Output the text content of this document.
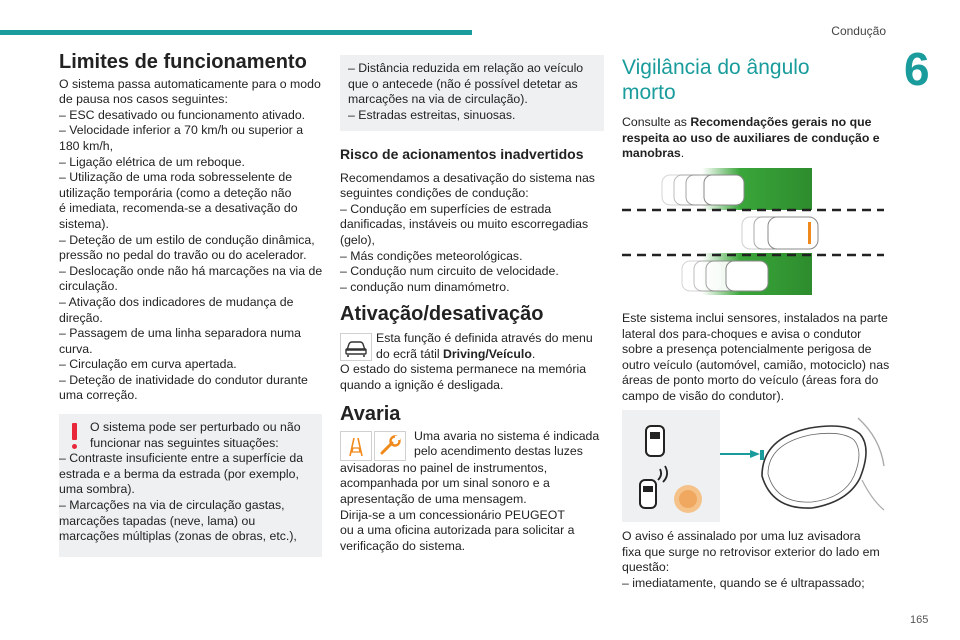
Condução
6
Limites de funcionamento
O sistema passa automaticamente para o modo
de pausa nos casos seguintes:
– ESC desativado ou funcionamento ativado.
– Velocidade inferior a 70 km/h ou superior a
180 km/h,
– Ligação elétrica de um reboque.
– Utilização de uma roda sobresselente de
utilização temporária (como a deteção não
é imediata, recomenda-se a desativação do
sistema).
– Deteção de um estilo de condução dinâmica,
pressão no pedal do travão ou do acelerador.
– Deslocação onde não há marcações na via de
circulação.
– Ativação dos indicadores de mudança de
direção.
– Passagem de uma linha separadora numa
curva.
– Circulação em curva apertada.
– Deteção de inatividade do condutor durante
uma correção.
O sistema pode ser perturbado ou não
funcionar nas seguintes situações:
– Contraste insuficiente entre a superfície da
estrada e a berma da estrada (por exemplo,
uma sombra).
– Marcações na via de circulação gastas,
marcações tapadas (neve, lama) ou
marcações múltiplas (zonas de obras, etc.),
– Distância reduzida em relação ao veículo
que o antecede (não é possível detetar as
marcações na via de circulação).
– Estradas estreitas, sinuosas.
Risco de acionamentos inadvertidos
Recomendamos a desativação do sistema nas
seguintes condições de condução:
– Condução em superfícies de estrada
danificadas, instáveis ou muito escorregadias
(gelo),
– Más condições meteorológicas.
– Condução num circuito de velocidade.
– condução num dinamómetro.
Ativação/desativação
Esta função é definida através do menu
do ecrã tátil Driving/Veículo.
O estado do sistema permanece na memória
quando a ignição é desligada.
Avaria
Uma avaria no sistema é indicada
pelo acendimento destas luzes
avisadoras no painel de instrumentos,
acompanhada por um sinal sonoro e a
apresentação de uma mensagem.
Dirija-se a um concessionário PEUGEOT
ou a uma oficina autorizada para solicitar a
verificação do sistema.
Vigilância do ângulo
morto
Consulte as Recomendações gerais no que
respeita ao uso de auxiliares de condução e
manobras.
Este sistema inclui sensores, instalados na parte
lateral dos para-choques e avisa o condutor
sobre a presença potencialmente perigosa de
outro veículo (automóvel, camião, motociclo) nas
áreas de ponto morto do veículo (áreas fora do
campo de visão do condutor).
O aviso é assinalado por uma luz avisadora
fixa que surge no retrovisor exterior do lado em
questão:
– imediatamente, quando se é ultrapassado;
165
